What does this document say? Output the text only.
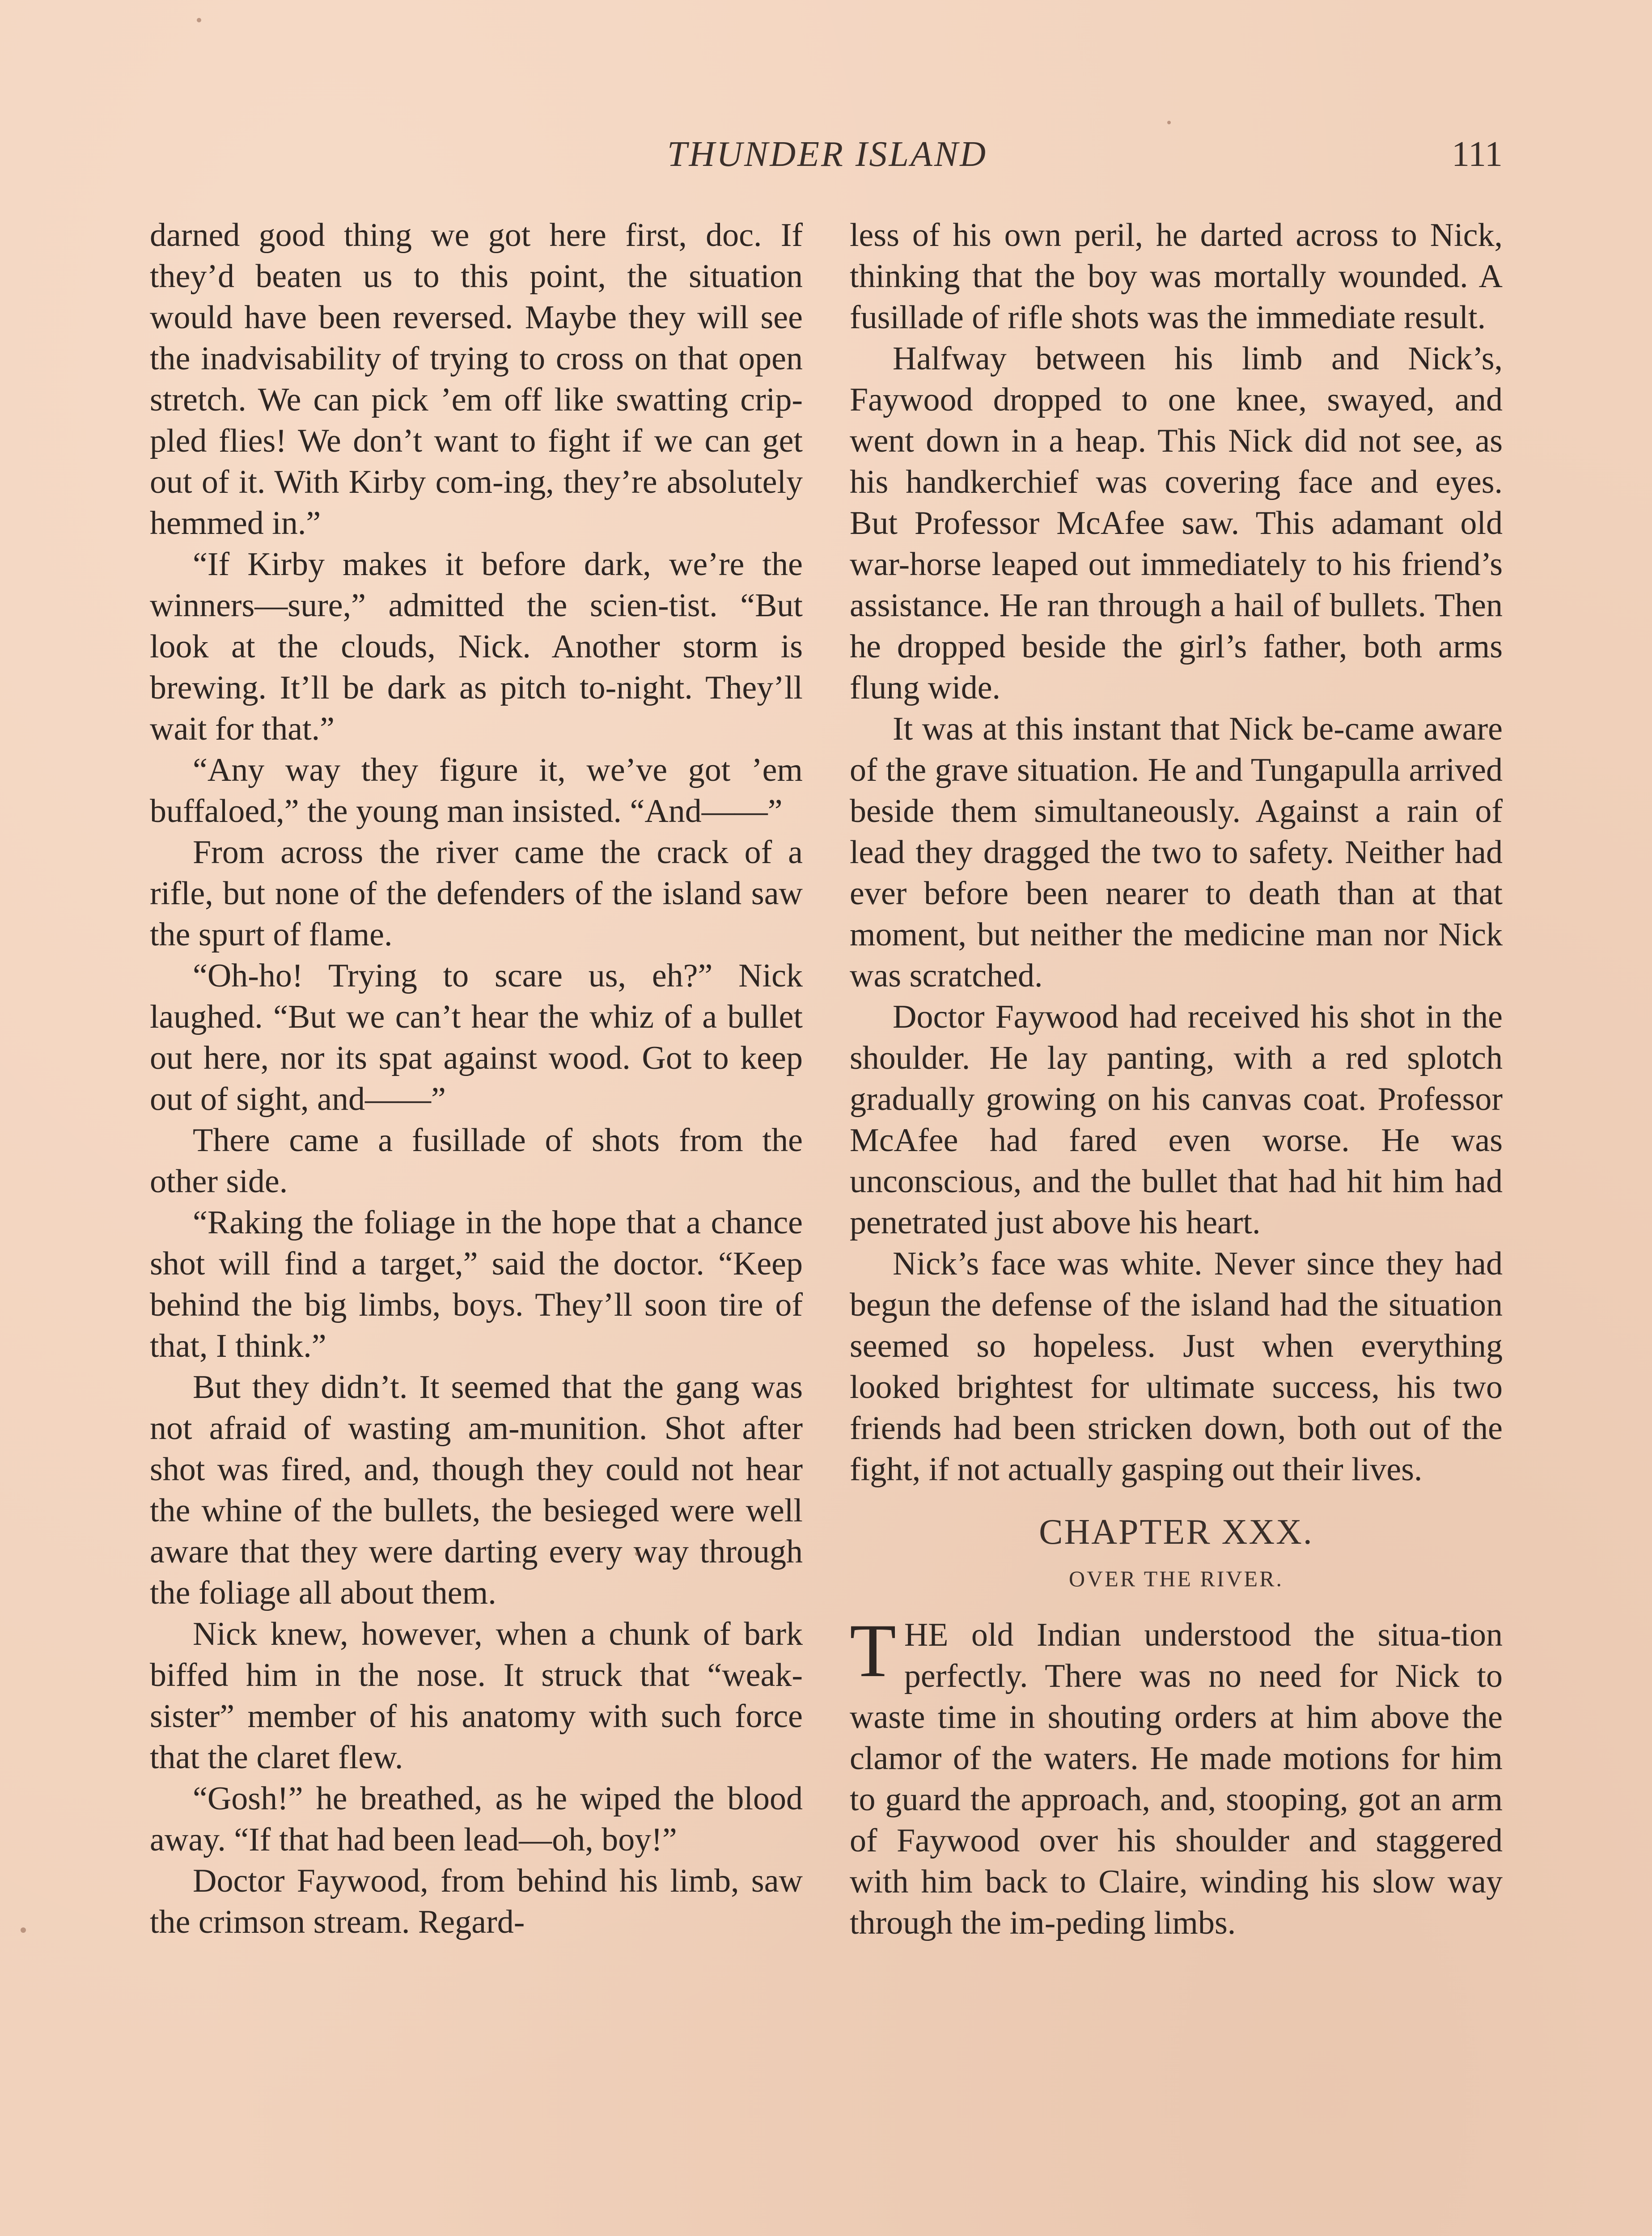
THUNDER ISLAND	111

darned good thing we got here first, doc. If they’d beaten us to this point, the situation would have been reversed. Maybe they will see the inadvisability of trying to cross on that open stretch. We can pick ’em off like swatting crip-pled flies! We don’t want to fight if we can get out of it. With Kirby com-ing, they’re absolutely hemmed in.”

“If Kirby makes it before dark, we’re the winners—sure,” admitted the scien-tist. “But look at the clouds, Nick. Another storm is brewing. It’ll be dark as pitch to-night. They’ll wait for that.”

“Any way they figure it, we’ve got ’em buffaloed,” the young man insisted. “And——”

From across the river came the crack of a rifle, but none of the defenders of the island saw the spurt of flame.

“Oh-ho! Trying to scare us, eh?” Nick laughed. “But we can’t hear the whiz of a bullet out here, nor its spat against wood. Got to keep out of sight, and——”

There came a fusillade of shots from the other side.

“Raking the foliage in the hope that a chance shot will find a target,” said the doctor. “Keep behind the big limbs, boys. They’ll soon tire of that, I think.”

But they didn’t. It seemed that the gang was not afraid of wasting am-munition. Shot after shot was fired, and, though they could not hear the whine of the bullets, the besieged were well aware that they were darting every way through the foliage all about them.

Nick knew, however, when a chunk of bark biffed him in the nose. It struck that “weak-sister” member of his anatomy with such force that the claret flew.

“Gosh!” he breathed, as he wiped the blood away. “If that had been lead—oh, boy!”

Doctor Faywood, from behind his limb, saw the crimson stream. Regard-

less of his own peril, he darted across to Nick, thinking that the boy was mortally wounded. A fusillade of rifle shots was the immediate result.

Halfway between his limb and Nick’s, Faywood dropped to one knee, swayed, and went down in a heap. This Nick did not see, as his handkerchief was covering face and eyes. But Professor McAfee saw. This adamant old war-horse leaped out immediately to his friend’s assistance. He ran through a hail of bullets. Then he dropped beside the girl’s father, both arms flung wide.

It was at this instant that Nick be-came aware of the grave situation. He and Tungapulla arrived beside them simultaneously. Against a rain of lead they dragged the two to safety. Neither had ever before been nearer to death than at that moment, but neither the medicine man nor Nick was scratched.

Doctor Faywood had received his shot in the shoulder. He lay panting, with a red splotch gradually growing on his canvas coat. Professor McAfee had fared even worse. He was unconscious, and the bullet that had hit him had penetrated just above his heart.

Nick’s face was white. Never since they had begun the defense of the island had the situation seemed so hopeless. Just when everything looked brightest for ultimate success, his two friends had been stricken down, both out of the fight, if not actually gasping out their lives.

CHAPTER XXX.
OVER THE RIVER.

THE old Indian understood the situa-tion perfectly. There was no need for Nick to waste time in shouting orders at him above the clamor of the waters. He made motions for him to guard the approach, and, stooping, got an arm of Faywood over his shoulder and staggered with him back to Claire, winding his slow way through the im-peding limbs.
